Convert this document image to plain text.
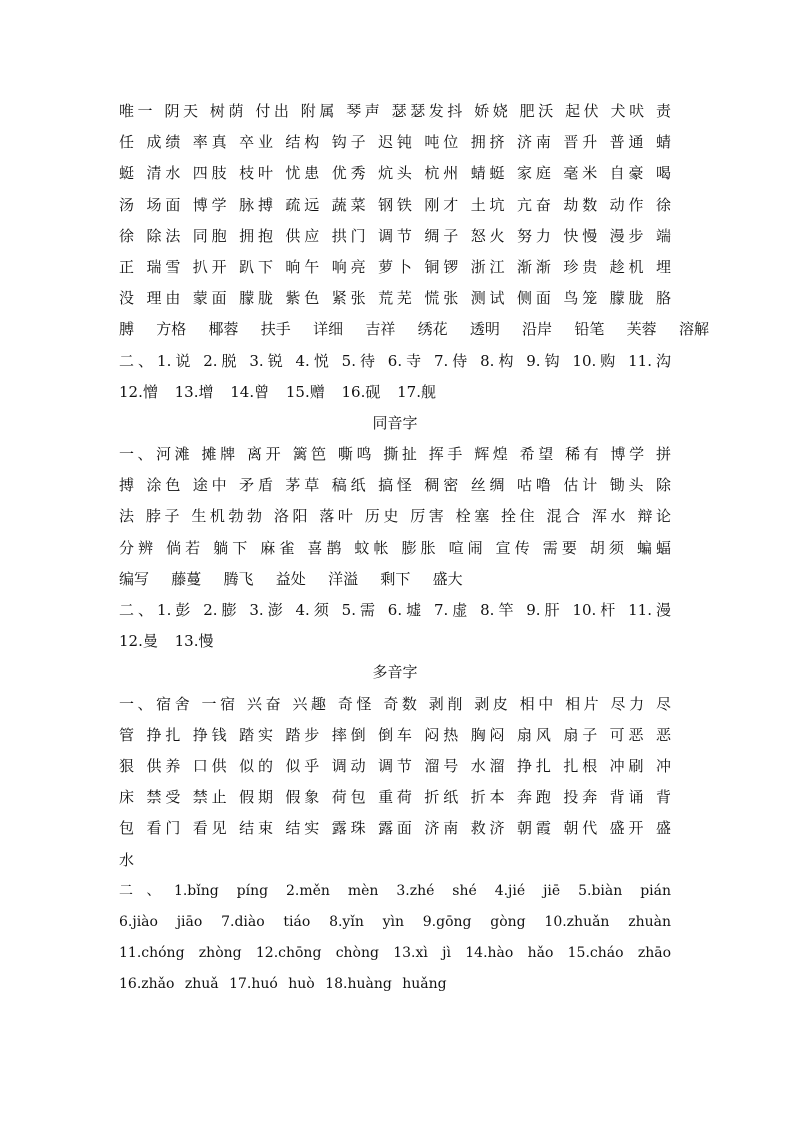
唯一 阴天 树荫 付出 附属 琴声 瑟瑟发抖 娇娆 肥沃 起伏 犬吠 责
任 成绩 率真 卒业 结构 钩子 迟钝 吨位 拥挤 济南 晋升 普通 蜻
蜓 清水 四肢 枝叶 忧患 优秀 炕头 杭州 蜻蜓 家庭 毫米 自豪 喝
汤 场面 博学 脉搏 疏远 蔬菜 钢铁 刚才 土坑 亢奋 劫数 动作 徐
徐 除法 同胞 拥抱 供应 拱门 调节 绸子 怒火 努力 快慢 漫步 端
正 瑞雪 扒开 趴下 晌午 响亮 萝卜 铜锣 浙江 渐渐 珍贵 趁机 埋
没 理由 蒙面 朦胧 紫色 紧张 荒芜 慌张 测试 侧面 鸟笼 朦胧 胳
膊 方格 椰蓉 扶手 详细 吉祥 绣花 透明 沿岸 铅笔 芙蓉 溶解
二、1.说 2.脱 3.锐 4.悦 5.待 6.寺 7.侍 8.构 9.钩 10.购 11.沟
12.憎 13.增 14.曾 15.赠 16.砚 17.舰
同音字
一、河滩 摊牌 离开 篱笆 嘶鸣 撕扯 挥手 辉煌 希望 稀有 博学 拼
搏 涂色 途中 矛盾 茅草 稿纸 搞怪 稠密 丝绸 咕噜 估计 锄头 除
法 脖子 生机勃勃 洛阳 落叶 历史 厉害 栓塞 拴住 混合 浑水 辩论
分辨 倘若 躺下 麻雀 喜鹊 蚊帐 膨胀 喧闹 宣传 需要 胡须 蝙蝠
编写 藤蔓 腾飞 益处 洋溢 剩下 盛大
二、1.彭 2.膨 3.澎 4.须 5.需 6.墟 7.虚 8.竿 9.肝 10.杆 11.漫
12.曼 13.慢
多音字
一、宿舍 一宿 兴奋 兴趣 奇怪 奇数 剥削 剥皮 相中 相片 尽力 尽
管 挣扎 挣钱 踏实 踏步 摔倒 倒车 闷热 胸闷 扇风 扇子 可恶 恶
狠 供养 口供 似的 似乎 调动 调节 溜号 水溜 挣扎 扎根 冲刷 冲
床 禁受 禁止 假期 假象 荷包 重荷 折纸 折本 奔跑 投奔 背诵 背
包 看门 看见 结束 结实 露珠 露面 济南 救济 朝霞 朝代 盛开 盛
水
二、1.bǐng píng 2.měn mèn 3.zhé shé 4.jié jiē 5.biàn pián
6.jiào jiāo 7.diào tiáo 8.yǐn yìn 9.gōng gòng 10.zhuǎn zhuàn
11.chóng zhòng 12.chōng chòng 13.xì jì 14.hào hǎo 15.cháo zhāo
16.zhǎo zhuǎ 17.huó huò 18.huàng huǎng
